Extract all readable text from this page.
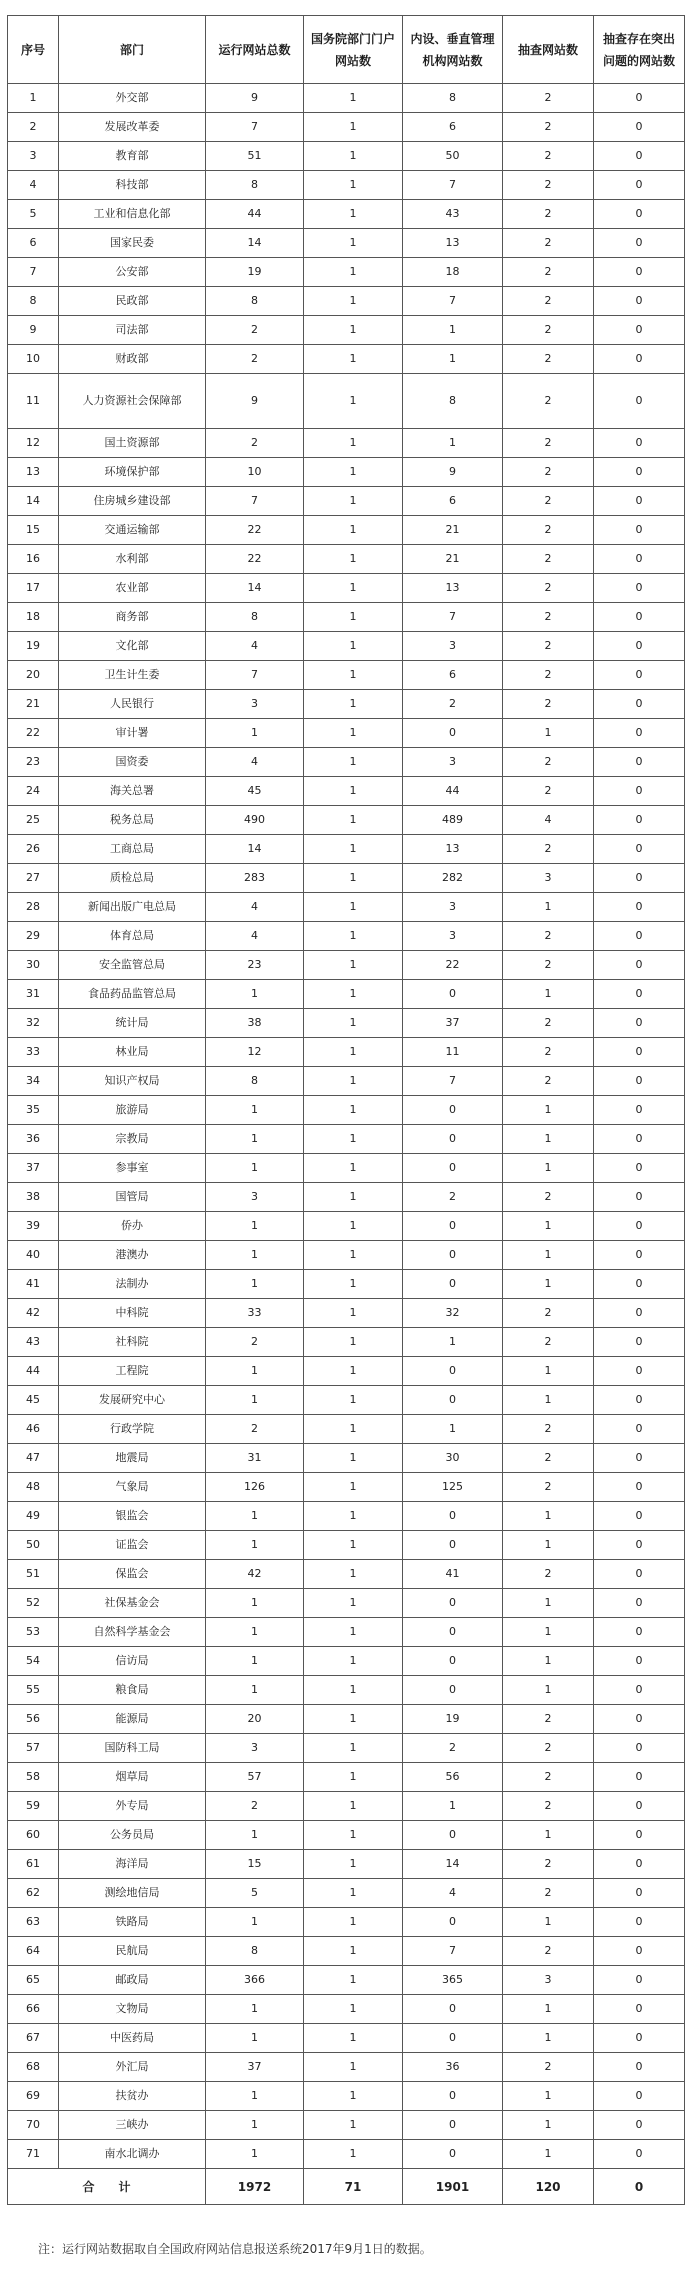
序号	部门	运行网站总数	国务院部门门户网站数	内设、垂直管理机构网站数	抽查网站数	抽查存在突出问题的网站数
1	外交部	9	1	8	2	0
2	发展改革委	7	1	6	2	0
3	教育部	51	1	50	2	0
4	科技部	8	1	7	2	0
5	工业和信息化部	44	1	43	2	0
6	国家民委	14	1	13	2	0
7	公安部	19	1	18	2	0
8	民政部	8	1	7	2	0
9	司法部	2	1	1	2	0
10	财政部	2	1	1	2	0
11	人力资源社会保障部	9	1	8	2	0
12	国土资源部	2	1	1	2	0
13	环境保护部	10	1	9	2	0
14	住房城乡建设部	7	1	6	2	0
15	交通运输部	22	1	21	2	0
16	水利部	22	1	21	2	0
17	农业部	14	1	13	2	0
18	商务部	8	1	7	2	0
19	文化部	4	1	3	2	0
20	卫生计生委	7	1	6	2	0
21	人民银行	3	1	2	2	0
22	审计署	1	1	0	1	0
23	国资委	4	1	3	2	0
24	海关总署	45	1	44	2	0
25	税务总局	490	1	489	4	0
26	工商总局	14	1	13	2	0
27	质检总局	283	1	282	3	0
28	新闻出版广电总局	4	1	3	1	0
29	体育总局	4	1	3	2	0
30	安全监管总局	23	1	22	2	0
31	食品药品监管总局	1	1	0	1	0
32	统计局	38	1	37	2	0
33	林业局	12	1	11	2	0
34	知识产权局	8	1	7	2	0
35	旅游局	1	1	0	1	0
36	宗教局	1	1	0	1	0
37	参事室	1	1	0	1	0
38	国管局	3	1	2	2	0
39	侨办	1	1	0	1	0
40	港澳办	1	1	0	1	0
41	法制办	1	1	0	1	0
42	中科院	33	1	32	2	0
43	社科院	2	1	1	2	0
44	工程院	1	1	0	1	0
45	发展研究中心	1	1	0	1	0
46	行政学院	2	1	1	2	0
47	地震局	31	1	30	2	0
48	气象局	126	1	125	2	0
49	银监会	1	1	0	1	0
50	证监会	1	1	0	1	0
51	保监会	42	1	41	2	0
52	社保基金会	1	1	0	1	0
53	自然科学基金会	1	1	0	1	0
54	信访局	1	1	0	1	0
55	粮食局	1	1	0	1	0
56	能源局	20	1	19	2	0
57	国防科工局	3	1	2	2	0
58	烟草局	57	1	56	2	0
59	外专局	2	1	1	2	0
60	公务员局	1	1	0	1	0
61	海洋局	15	1	14	2	0
62	测绘地信局	5	1	4	2	0
63	铁路局	1	1	0	1	0
64	民航局	8	1	7	2	0
65	邮政局	366	1	365	3	0
66	文物局	1	1	0	1	0
67	中医药局	1	1	0	1	0
68	外汇局	37	1	36	2	0
69	扶贫办	1	1	0	1	0
70	三峡办	1	1	0	1	0
71	南水北调办	1	1	0	1	0
合　　计		1972	71	1901	120	0
注：运行网站数据取自全国政府网站信息报送系统2017年9月1日的数据。
